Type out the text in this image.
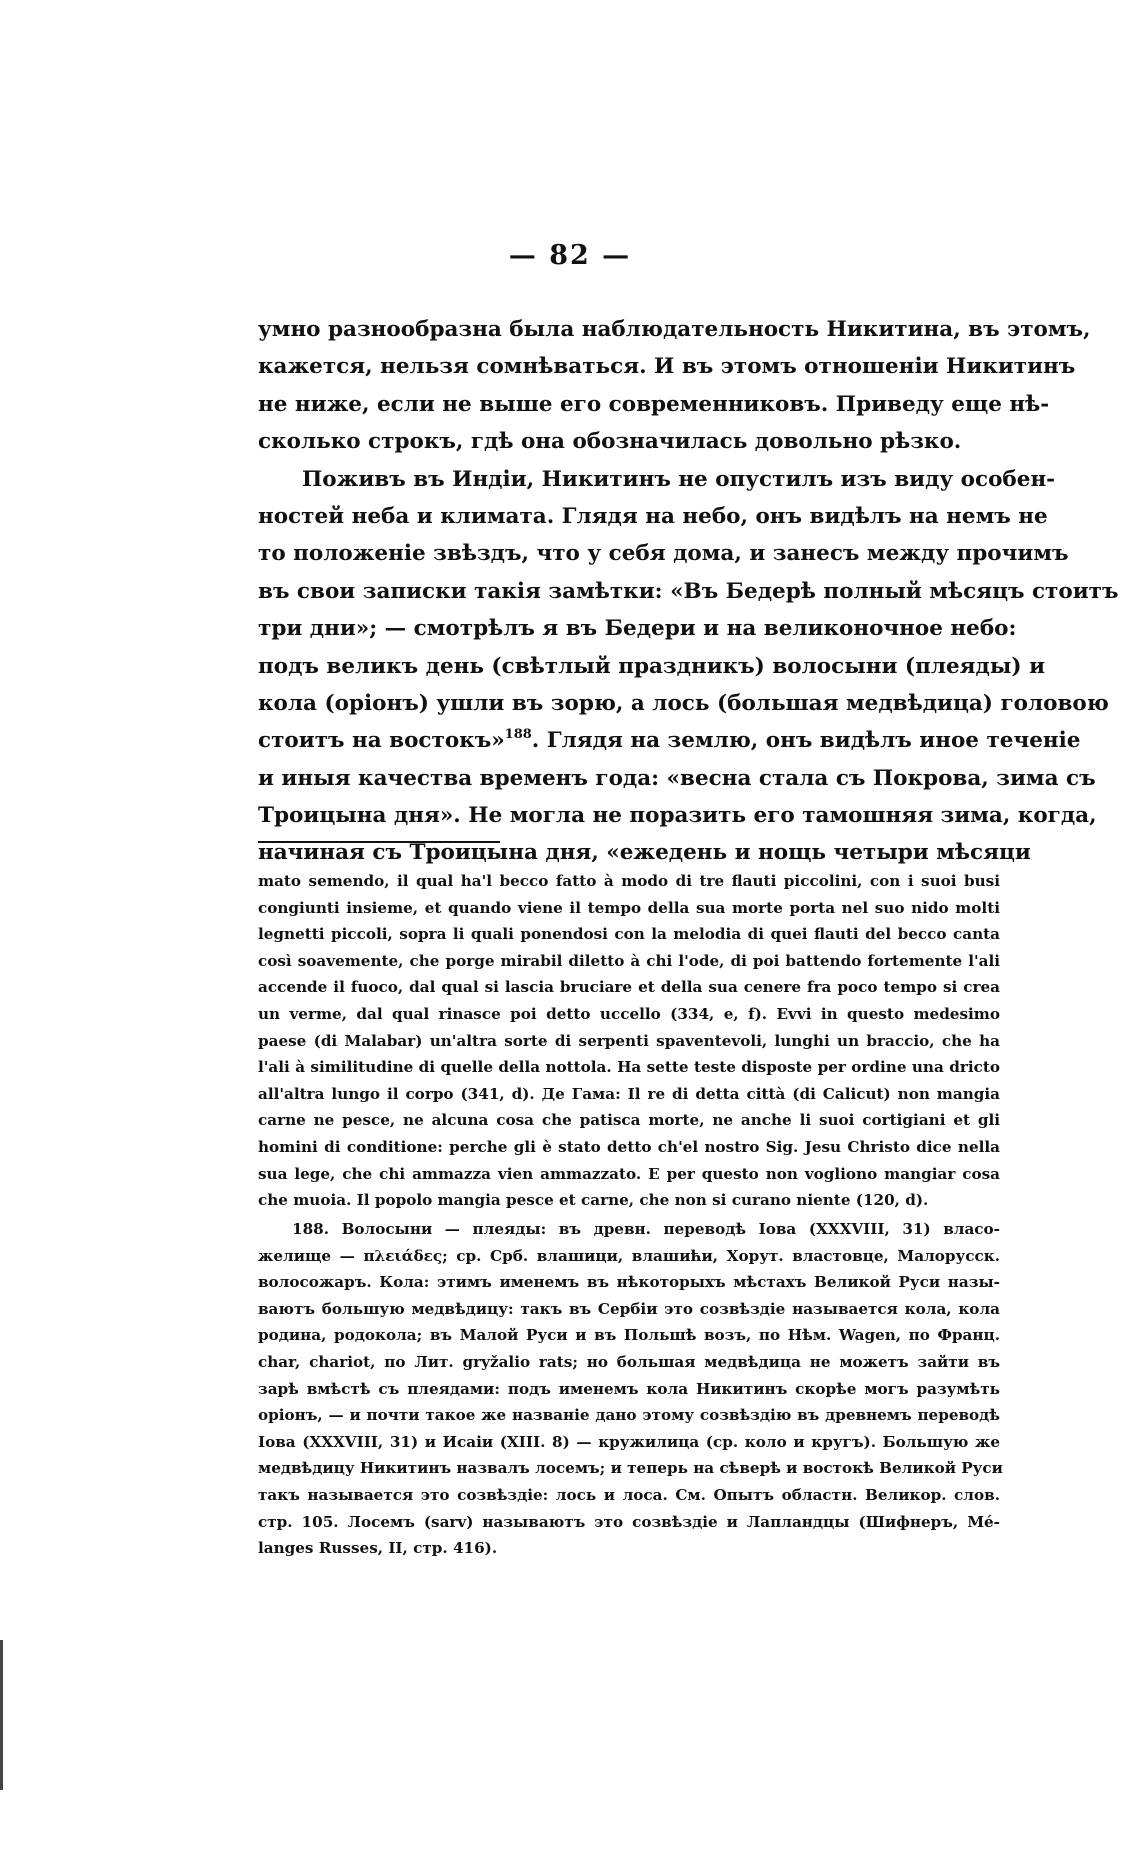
— 82 —
умно разнообразна была наблюдательность Никитина, въ этомъ,
кажется, нельзя сомнѣваться. И въ этомъ отношеніи Никитинъ
не ниже, если не выше его современниковъ. Приведу еще нѣ-
сколько строкъ, гдѣ она обозначилась довольно рѣзко.
Поживъ въ Индіи, Никитинъ не опустилъ изъ виду особен-
ностей неба и климата. Глядя на небо, онъ видѣлъ на немъ не
то положеніе звѣздъ, что у себя дома, и занесъ между прочимъ
въ свои записки такія замѣтки: «Въ Бедерѣ полный мѣсяцъ стоитъ
три дни»; — смотрѣлъ я въ Бедери и на великоночное небо:
подъ великъ день (свѣтлый праздникъ) волосыни (плеяды) и
кола (оріонъ) ушли въ зорю, а лось (большая медвѣдица) головою
стоитъ на востокъ»$^{188}$. Глядя на землю, онъ видѣлъ иное теченіе
и иныя качества временъ года: «весна стала съ Покрова, зима съ
Троицына дня». Не могла не поразить его тамошняя зима, когда,
начиная съ Троицына дня, «ежедень и нощь четыри мѣсяци
mato semendo, il qual ha'l becco fatto à modo di tre flauti piccolini, con i suoi busi
congiunti insieme, et quando viene il tempo della sua morte porta nel suo nido molti
legnetti piccoli, sopra li quali ponendosi con la melodia di quei flauti del becco canta
così soavemente, che porge mirabil diletto à chi l'ode, di poi battendo fortemente l'ali
accende il fuoco, dal qual si lascia bruciare et della sua cenere fra poco tempo si crea
un verme, dal qual rinasce poi detto uccello (334, e, f). Evvi in questo medesimo
paese (di Malabar) un'altra sorte di serpenti spaventevoli, lunghi un braccio, che ha
l'ali à similitudine di quelle della nottola. Ha sette teste disposte per ordine una dricto
all'altra lungo il corpo (341, d). Де Гама: Il re di detta città (di Calicut) non mangia
carne ne pesce, ne alcuna cosa che patisca morte, ne anche li suoi cortigiani et gli
homini di conditione: perche gli è stato detto ch'el nostro Sig. Jesu Christo dice nella
sua lege, che chi ammazza vien ammazzato. E per questo non vogliono mangiar cosa
che muoia. Il popolo mangia pesce et carne, che non si curano niente (120, d).
188. Волосыни — плеяды: въ древн. переводѣ Іова (XXXVIII, 31) власо-
желище — πλειάδες; ср. Срб. влашици, влашићи, Хорут. властовце, Малорусск.
волосожаръ. Кола: этимъ именемъ въ нѣкоторыхъ мѣстахъ Великой Руси назы-
ваютъ большую медвѣдицу: такъ въ Сербіи это созвѣздіе называется кола, кола
родина, родокола; въ Малой Руси и въ Польшѣ возъ, по Нѣм. Wagen, по Франц.
char, chariot, по Лит. gryžalio rats; но большая медвѣдица не можетъ зайти въ
зарѣ вмѣстѣ съ плеядами: подъ именемъ кола Никитинъ скорѣе могъ разумѣть
оріонъ, — и почти такое же названіе дано этому созвѣздію въ древнемъ переводѣ
Іова (XXXVIII, 31) и Исаіи (XIII. 8) — кружилица (ср. коло и кругъ). Большую же
медвѣдицу Никитинъ назвалъ лосемъ; и теперь на сѣверѣ и востокѣ Великой Руси
такъ называется это созвѣздіе: лось и лоса. См. Опытъ областн. Великор. слов.
стр. 105. Лосемъ (sarv) называютъ это созвѣздіе и Лапландцы (Шифнеръ, Mé-
langes Russes, II, стр. 416).
